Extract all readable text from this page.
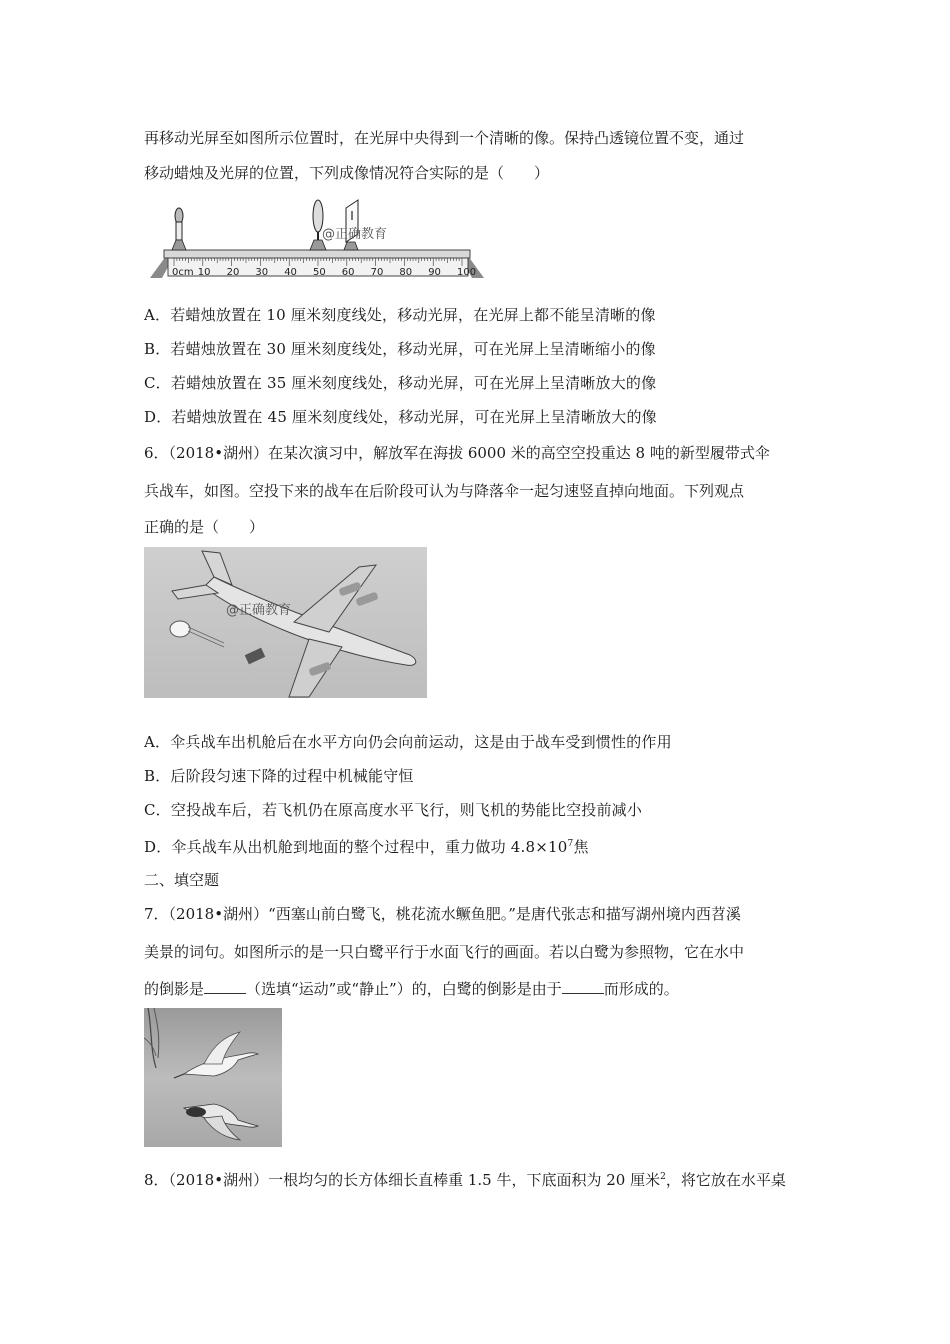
再移动光屏至如图所示位置时，在光屏中央得到一个清晰的像。保持凸透镜位置不变，通过
移动蜡烛及光屏的位置，下列成像情况符合实际的是（　　）
@正确教育
0cm 10 20 30 40 50 60 70 80 90 100
A．若蜡烛放置在 10 厘米刻度线处，移动光屏，在光屏上都不能呈清晰的像
B．若蜡烛放置在 30 厘米刻度线处，移动光屏，可在光屏上呈清晰缩小的像
C．若蜡烛放置在 35 厘米刻度线处，移动光屏，可在光屏上呈清晰放大的像
D．若蜡烛放置在 45 厘米刻度线处，移动光屏，可在光屏上呈清晰放大的像
6．（2018•湖州）在某次演习中，解放军在海拔 6000 米的高空空投重达 8 吨的新型履带式伞
兵战车，如图。空投下来的战车在后阶段可认为与降落伞一起匀速竖直掉向地面。下列观点
正确的是（　　）
@正确教育
A．伞兵战车出机舱后在水平方向仍会向前运动，这是由于战车受到惯性的作用
B．后阶段匀速下降的过程中机械能守恒
C．空投战车后，若飞机仍在原高度水平飞行，则飞机的势能比空投前减小
D．伞兵战车从出机舱到地面的整个过程中，重力做功 $4.8\times 10^7$焦
二、填空题
7．（2018•湖州）“西塞山前白鹭飞，桃花流水鳜鱼肥。”是唐代张志和描写湖州境内西苕溪
美景的词句。如图所示的是一只白鹭平行于水面飞行的画面。若以白鹭为参照物，它在水中
的倒影是	（选填“运动”或“静止”）的，白鹭的倒影是由于	而形成的。
8．（2018•湖州）一根均匀的长方体细长直棒重 1.5 牛，下底面积为 20 厘米$^2$，将它放在水平桌
